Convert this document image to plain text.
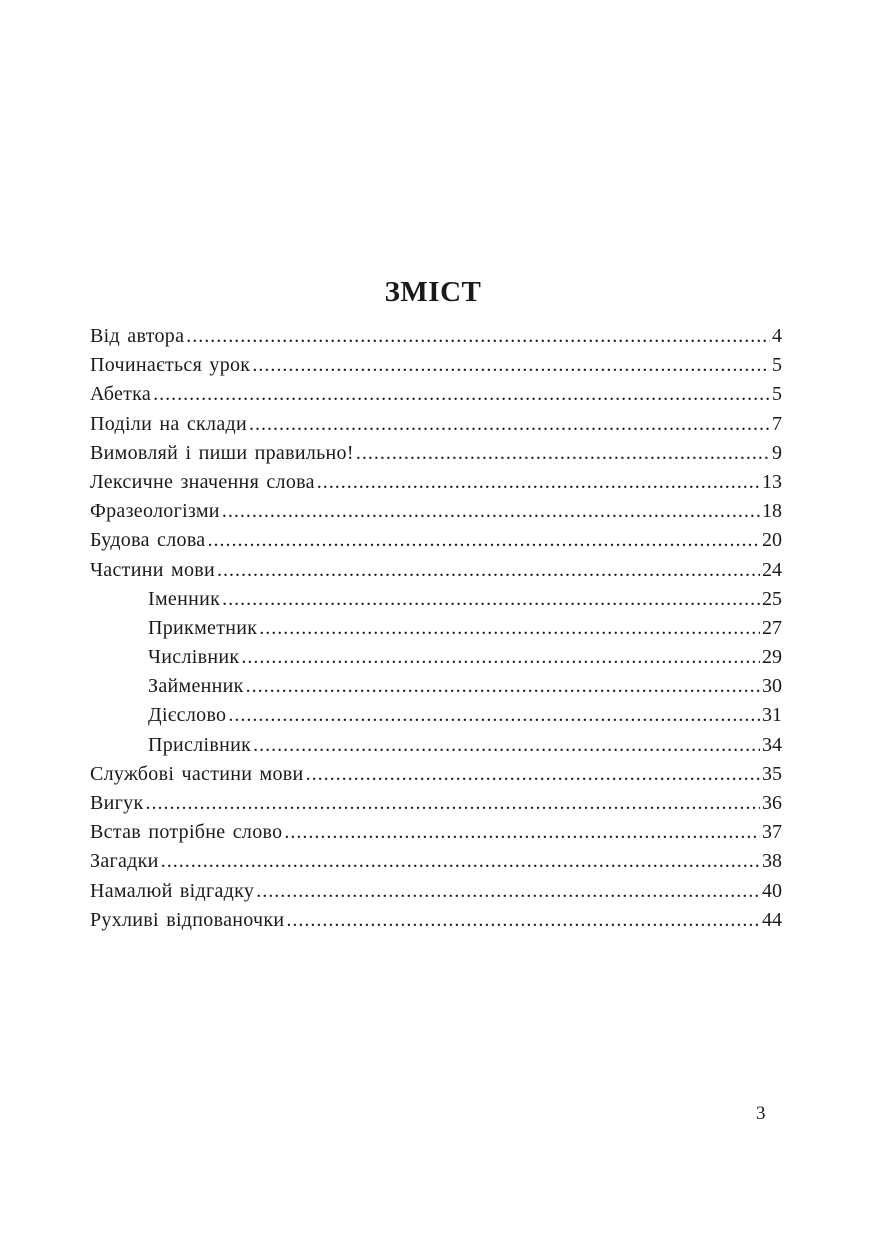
ЗМІСТ
Від автора .....	4
Починається урок .....	5
Абетка .....	5
Поділи на склади .....	7
Вимовляй і пиши правильно! .....	9
Лексичне значення слова .....	13
Фразеологізми .....	18
Будова слова .....	20
Частини мови .....	24
Іменник .....	25
Прикметник .....	27
Числівник .....	29
Займенник .....	30
Дієслово .....	31
Прислівник .....	34
Службові частини мови .....	35
Вигук .....	36
Встав потрібне слово .....	37
Загадки .....	38
Намалюй відгадку .....	40
Рухливі відпованочки .....	44
3
